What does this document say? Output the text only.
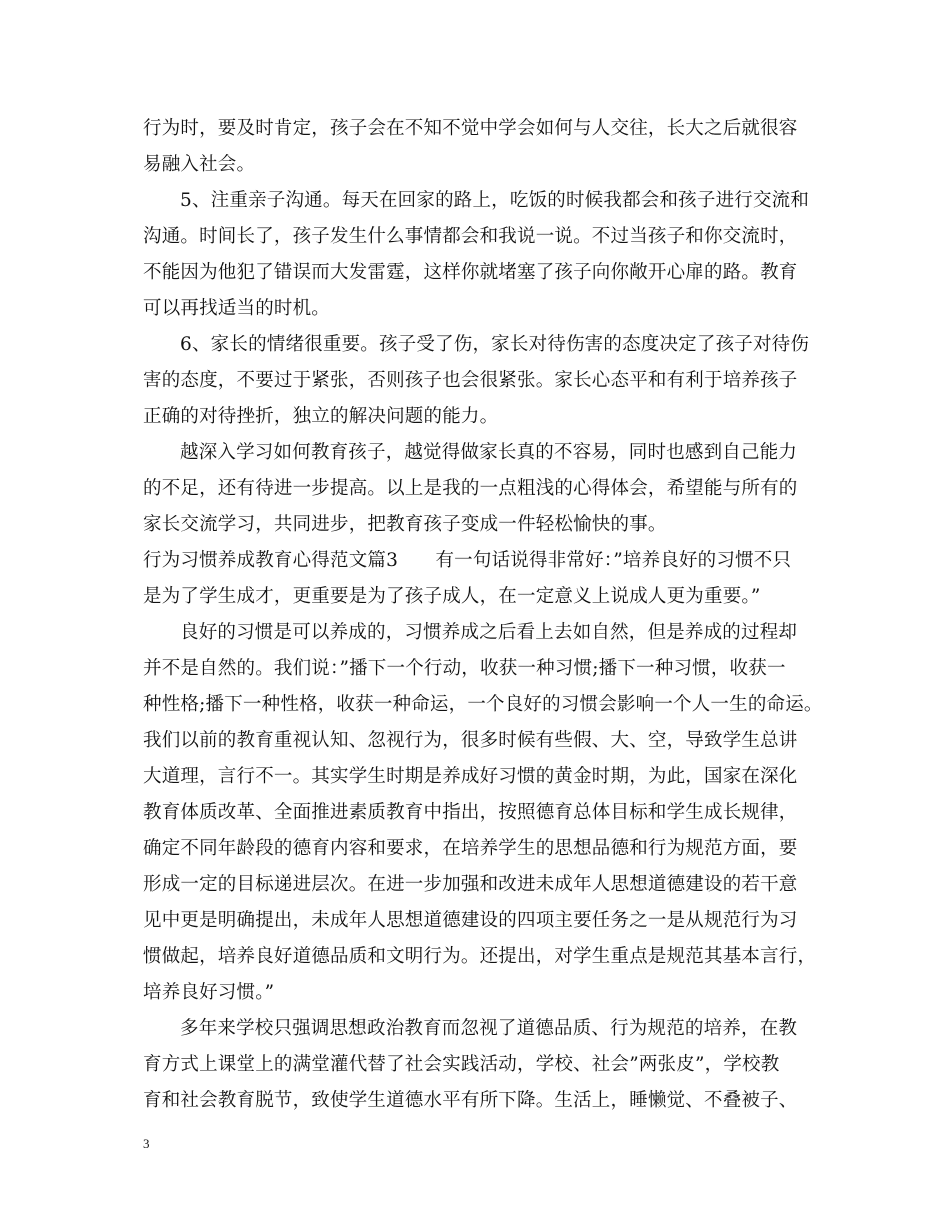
行为时，要及时肯定，孩子会在不知不觉中学会如何与人交往，长大之后就很容
易融入社会。
5、注重亲子沟通。每天在回家的路上，吃饭的时候我都会和孩子进行交流和
沟通。时间长了，孩子发生什么事情都会和我说一说。不过当孩子和你交流时，
不能因为他犯了错误而大发雷霆，这样你就堵塞了孩子向你敞开心扉的路。教育
可以再找适当的时机。
6、家长的情绪很重要。孩子受了伤，家长对待伤害的态度决定了孩子对待伤
害的态度，不要过于紧张，否则孩子也会很紧张。家长心态平和有利于培养孩子
正确的对待挫折，独立的解决问题的能力。
越深入学习如何教育孩子，越觉得做家长真的不容易，同时也感到自己能力
的不足，还有待进一步提高。以上是我的一点粗浅的心得体会，希望能与所有的
家长交流学习，共同进步，把教育孩子变成一件轻松愉快的事。
行为习惯养成教育心得范文篇3　　有一句话说得非常好：”培养良好的习惯不只
是为了学生成才，更重要是为了孩子成人，在一定意义上说成人更为重要。”
良好的习惯是可以养成的，习惯养成之后看上去如自然，但是养成的过程却
并不是自然的。我们说：”播下一个行动，收获一种习惯;播下一种习惯，收获一
种性格;播下一种性格，收获一种命运，一个良好的习惯会影响一个人一生的命运。
我们以前的教育重视认知、忽视行为，很多时候有些假、大、空，导致学生总讲
大道理，言行不一。其实学生时期是养成好习惯的黄金时期，为此，国家在深化
教育体质改革、全面推进素质教育中指出，按照德育总体目标和学生成长规律，
确定不同年龄段的德育内容和要求，在培养学生的思想品德和行为规范方面，要
形成一定的目标递进层次。在进一步加强和改进未成年人思想道德建设的若干意
见中更是明确提出，未成年人思想道德建设的四项主要任务之一是从规范行为习
惯做起，培养良好道德品质和文明行为。还提出，对学生重点是规范其基本言行，
培养良好习惯。”
多年来学校只强调思想政治教育而忽视了道德品质、行为规范的培养，在教
育方式上课堂上的满堂灌代替了社会实践活动，学校、社会”两张皮”，学校教
育和社会教育脱节，致使学生道德水平有所下降。生活上，睡懒觉、不叠被子、
3
